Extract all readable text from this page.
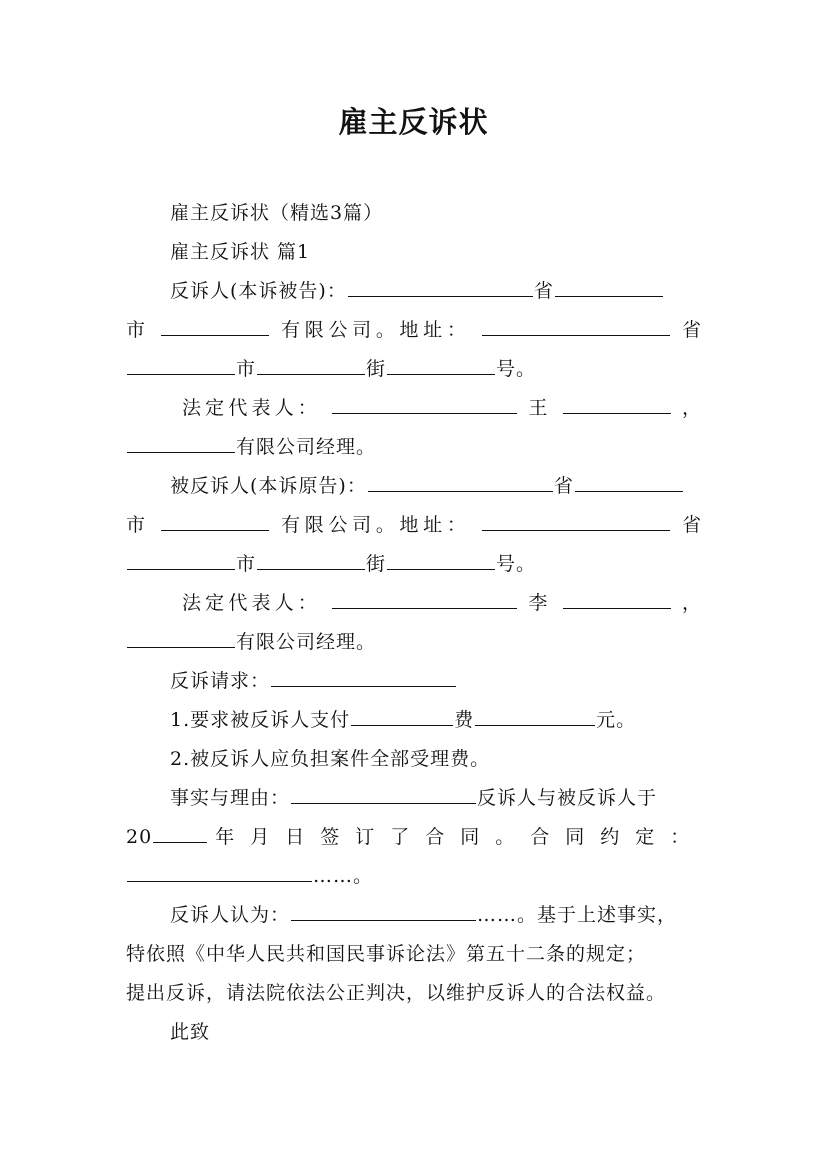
雇主反诉状
雇主反诉状（精选3篇）
雇主反诉状 篇1
反诉人(本诉被告)：	省
市	有限公司。地址：	省
市	街	号。
法定代表人：	王	，
有限公司经理。
被反诉人(本诉原告)：	省
市	有限公司。地址：	省
市	街	号。
法定代表人：	李	，
有限公司经理。
反诉请求：
1.要求被反诉人支付	费	元。
2.被反诉人应负担案件全部受理费。
事实与理由：	反诉人与被反诉人于
20	年月日签订了合同。合同约定：
……。
反诉人认为：	……。基于上述事实，
特依照《中华人民共和国民事诉论法》第五十二条的规定；
提出反诉，请法院依法公正判决，以维护反诉人的合法权益。
此致
